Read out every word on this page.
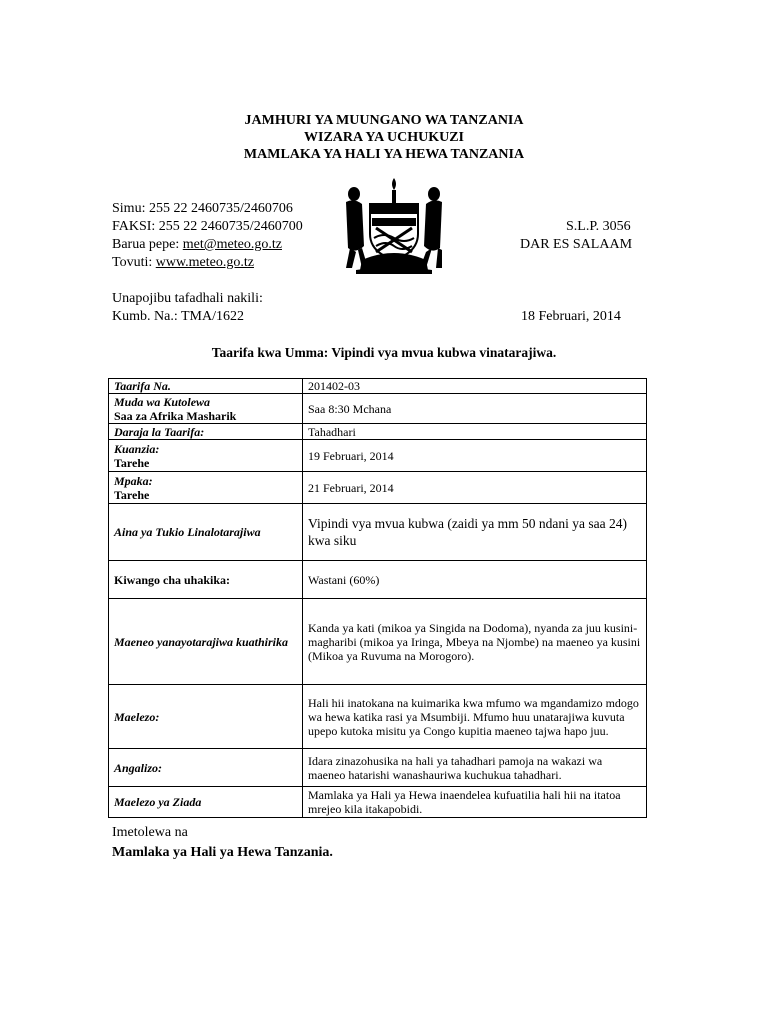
JAMHURI YA MUUNGANO WA TANZANIA
WIZARA YA UCHUKUZI
MAMLAKA YA HALI YA HEWA TANZANIA
Simu: 255 22 2460735/2460706
FAKSI: 255 22 2460735/2460700
Barua pepe: met@meteo.go.tz
Tovuti: www.meteo.go.tz
S.L.P. 3056
DAR ES SALAAM
Unapojibu tafadhali nakili:
Kumb. Na.: TMA/1622	18 Februari, 2014
Taarifa kwa Umma: Vipindi vya mvua kubwa vinatarajiwa.
Taarifa Na.	201402-03
Muda wa Kutolewa
Saa za Afrika Masharik	Saa 8:30 Mchana
Daraja la Taarifa:	Tahadhari
Kuanzia:
Tarehe	19 Februari, 2014
Mpaka:
Tarehe	21 Februari, 2014
Aina ya Tukio Linalotarajiwa	Vipindi vya mvua kubwa (zaidi ya mm 50 ndani ya saa 24) kwa siku
Kiwango cha uhakika:	Wastani (60%)
Maeneo yanayotarajiwa kuathirika	Kanda ya kati (mikoa ya Singida na Dodoma), nyanda za juu kusini-magharibi (mikoa ya Iringa, Mbeya na Njombe) na maeneo ya kusini (Mikoa ya Ruvuma na Morogoro).
Maelezo:	Hali hii inatokana na kuimarika kwa mfumo wa mgandamizo mdogo wa hewa katika rasi ya Msumbiji. Mfumo huu unatarajiwa kuvuta upepo kutoka misitu ya Congo kupitia maeneo tajwa hapo juu.
Angalizo:	Idara zinazohusika na hali ya tahadhari pamoja na wakazi wa maeneo hatarishi wanashauriwa kuchukua tahadhari.
Maelezo ya Ziada	Mamlaka ya Hali ya Hewa inaendelea kufuatilia hali hii na itatoa mrejeo kila itakapobidi.
Imetolewa na
Mamlaka ya Hali ya Hewa Tanzania.
